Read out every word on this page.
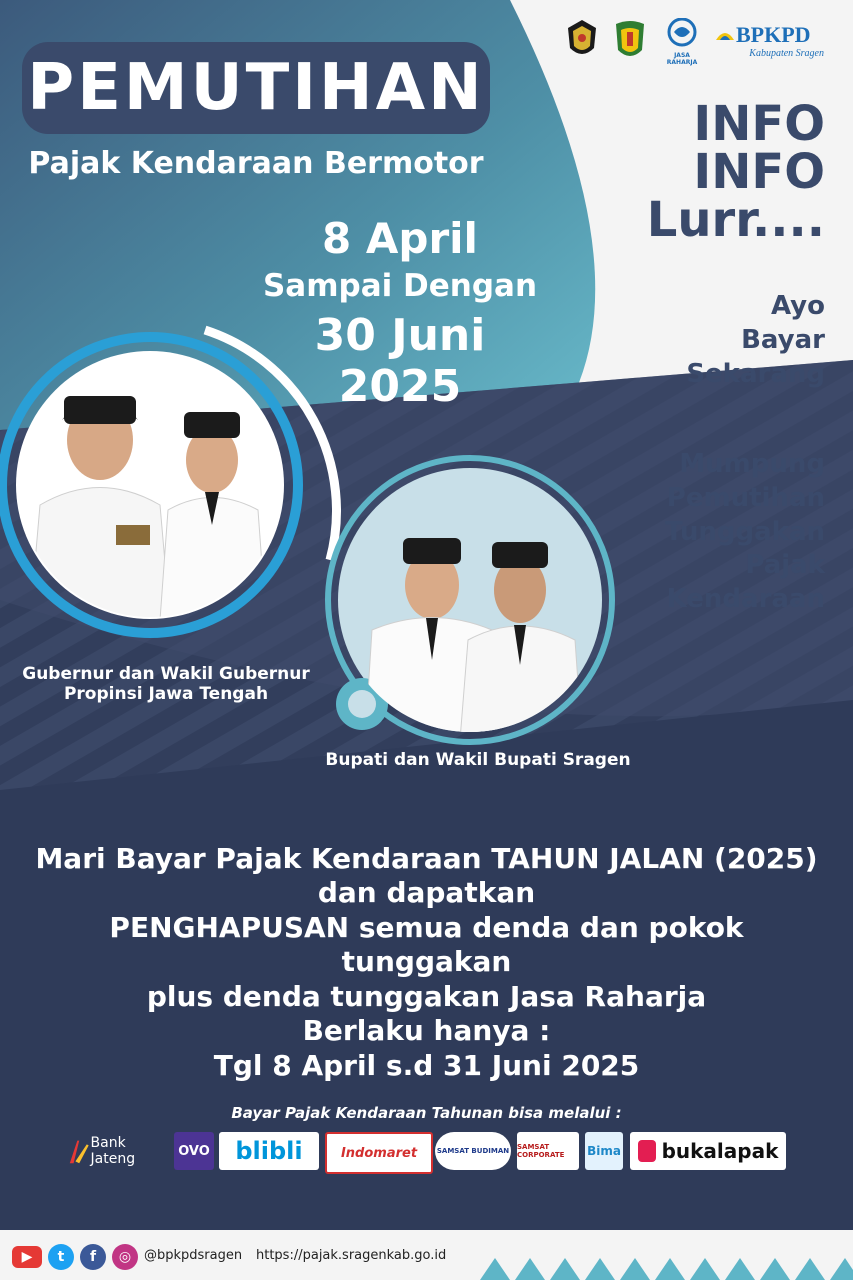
JASA RAHARJA
BPKPD
Kabupaten Sragen
PEMUTIHAN
Pajak Kendaraan Bermotor
8 April
Sampai Dengan
30 Juni
2025
INFO
INFO
Lurr....
Ayo
Bayar
Sekarang
Mumpung
Pemutihan
Tunggakan
Pajak
Kendaraan
Gubernur dan Wakil Gubernur
Propinsi Jawa Tengah
Bupati dan Wakil Bupati Sragen
Mari Bayar Pajak Kendaraan TAHUN JALAN (2025)
dan dapatkan
PENGHAPUSAN semua denda dan pokok tunggakan
plus denda tunggakan Jasa Raharja
Berlaku hanya :
Tgl 8 April s.d 31 Juni 2025
Bayar Pajak Kendaraan Tahunan bisa melalui :
Bank Jateng	OVO	blibli	Indomaret	SAMSAT BUDIMAN SAMSAT CORPORATE	Bima bukalapak
▶	t	f	◎ @bpkpdsragen https://pajak.sragenkab.go.id
